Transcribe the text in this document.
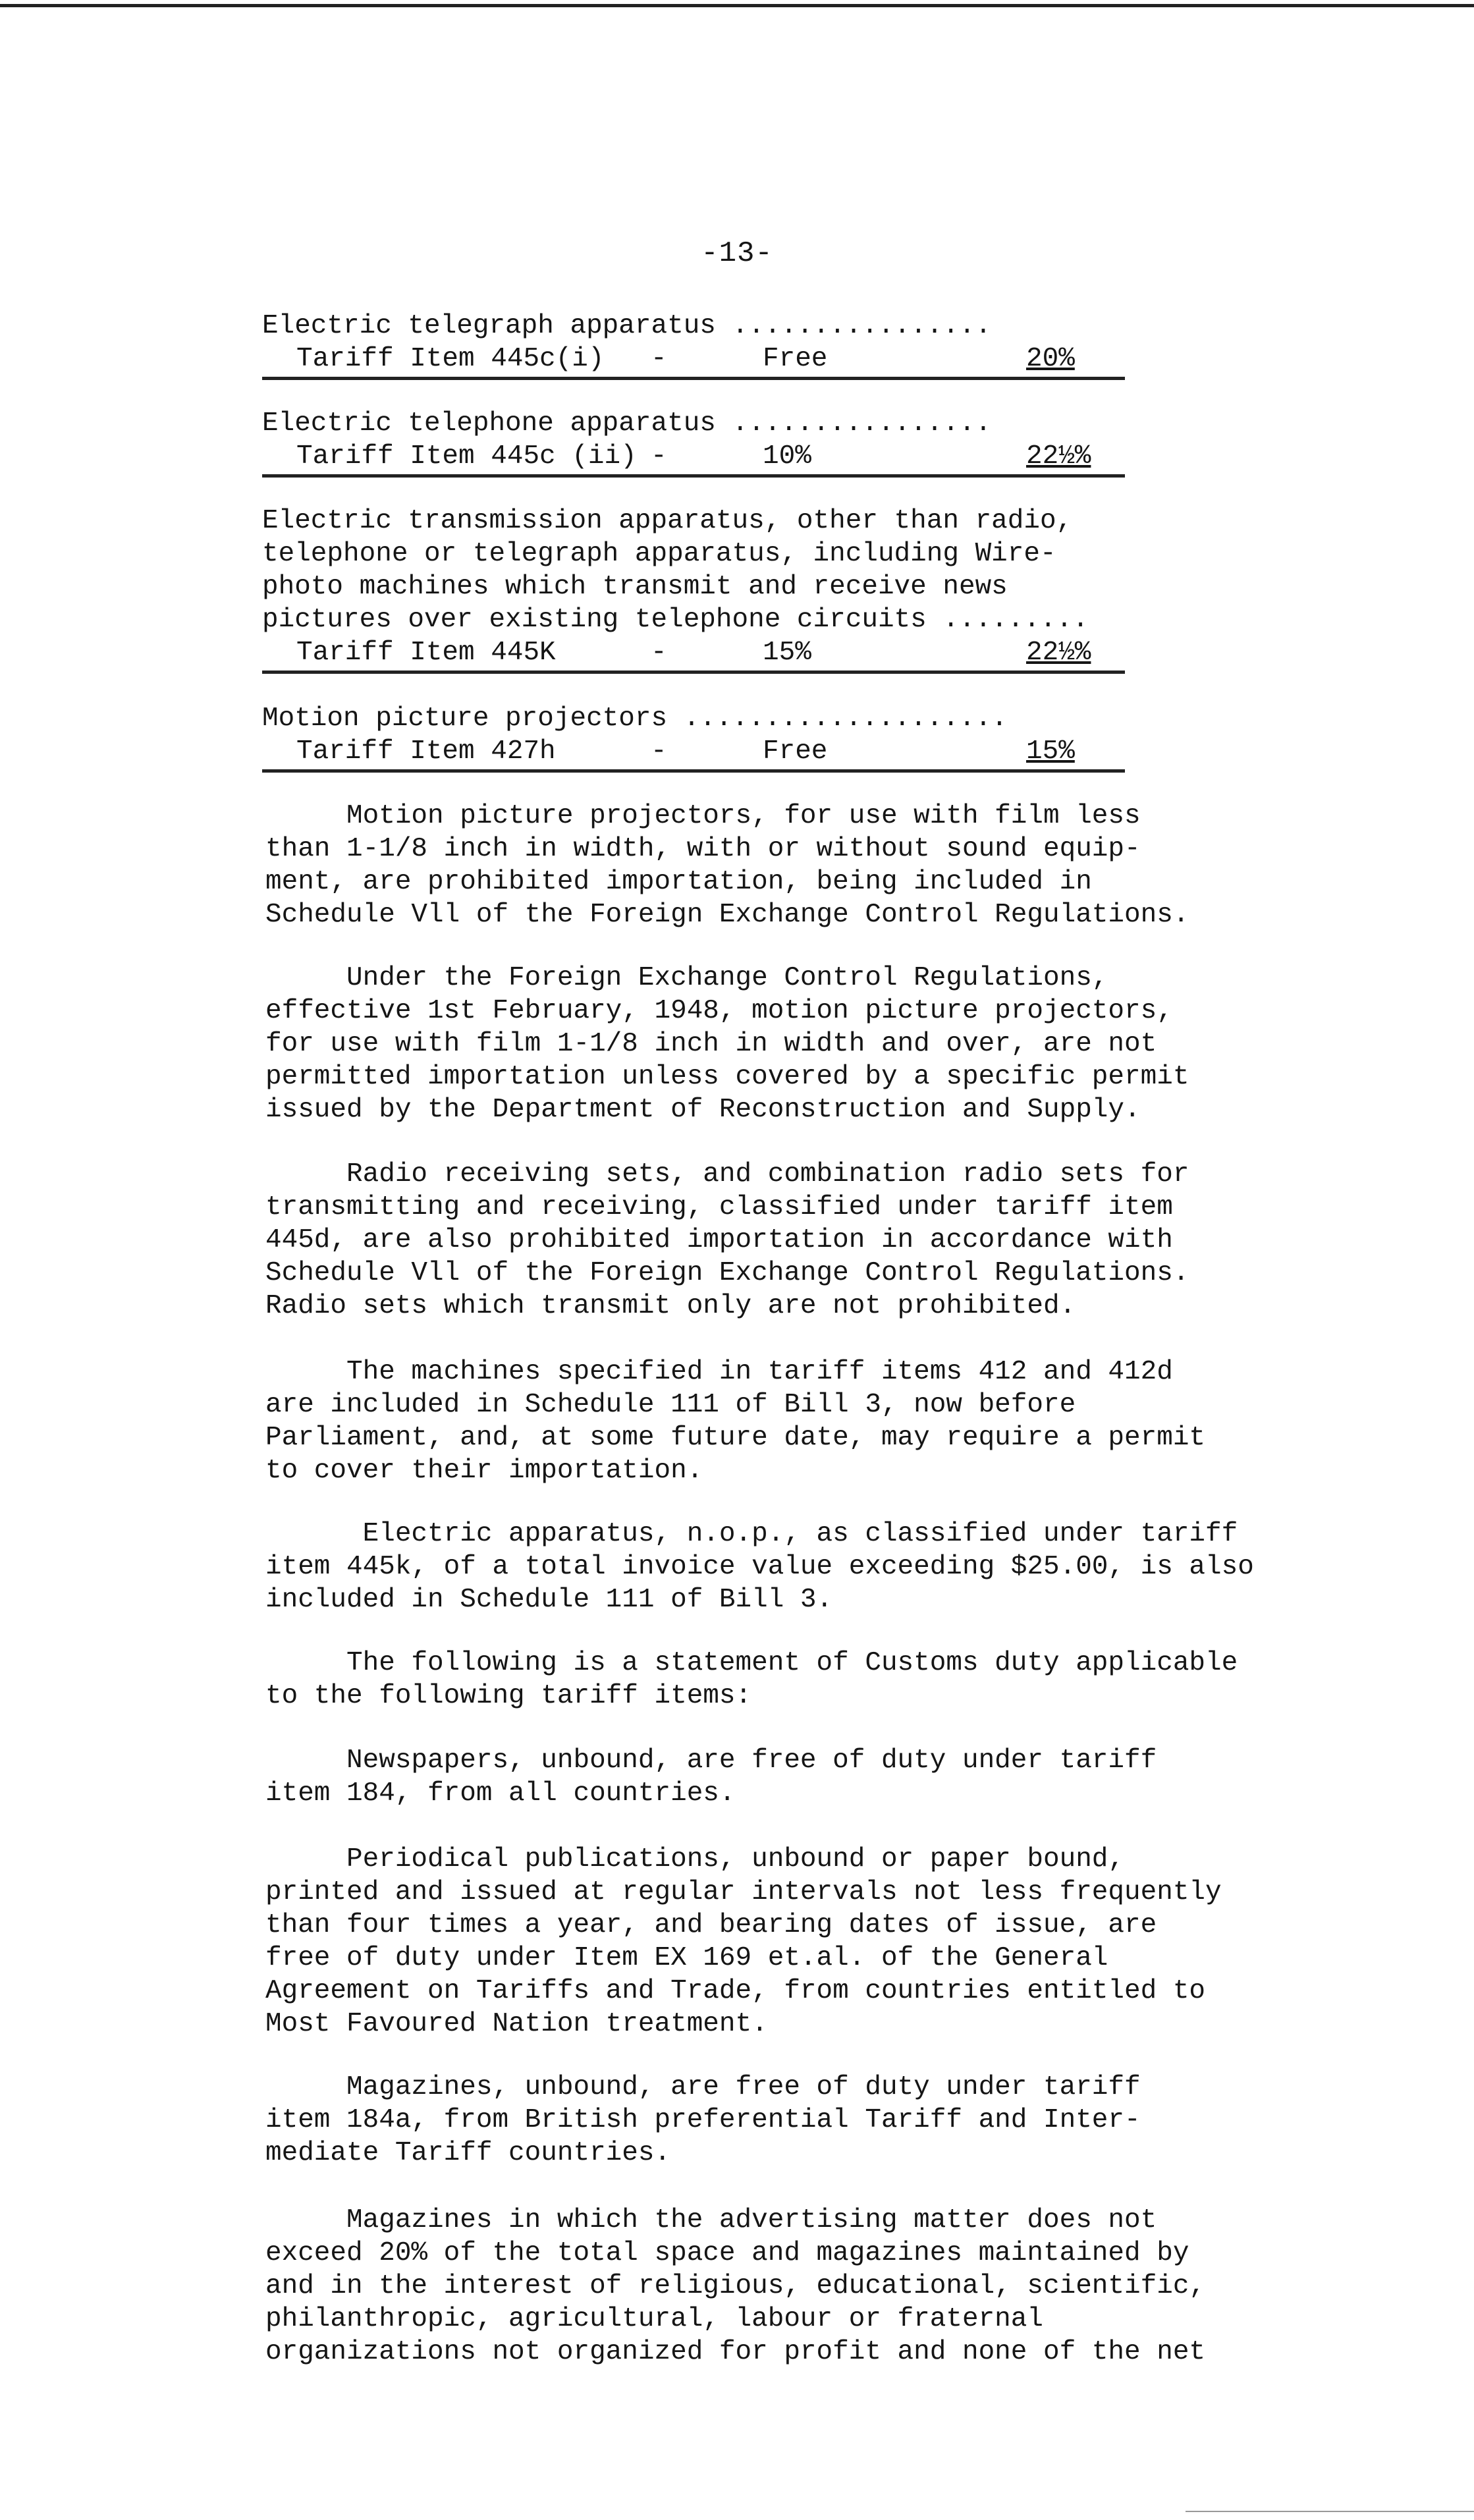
-13-
Electric telegraph apparatus ................
Tariff Item 445c(i) -	Free	20%
Electric telephone apparatus ................
Tariff Item 445c (ii) -	10%	22½%
Electric transmission apparatus, other than radio,
telephone or telegraph apparatus, including Wire-
photo machines which transmit and receive news
pictures over existing telephone circuits .........
Tariff Item 445K	-	15%	22½%
Motion picture projectors ....................
Tariff Item 427h	-	Free	15%
Motion picture projectors, for use with film less
than 1-1/8 inch in width, with or without sound equip-
ment, are prohibited importation, being included in
Schedule Vll of the Foreign Exchange Control Regulations.
Under the Foreign Exchange Control Regulations,
effective 1st February, 1948, motion picture projectors,
for use with film 1-1/8 inch in width and over, are not
permitted importation unless covered by a specific permit
issued by the Department of Reconstruction and Supply.
Radio receiving sets, and combination radio sets for
transmitting and receiving, classified under tariff item
445d, are also prohibited importation in accordance with
Schedule Vll of the Foreign Exchange Control Regulations.
Radio sets which transmit only are not prohibited.
The machines specified in tariff items 412 and 412d
are included in Schedule 111 of Bill 3, now before
Parliament, and, at some future date, may require a permit
to cover their importation.
Electric apparatus, n.o.p., as classified under tariff
item 445k, of a total invoice value exceeding $25.00, is also
included in Schedule 111 of Bill 3.
The following is a statement of Customs duty applicable
to the following tariff items:
Newspapers, unbound, are free of duty under tariff
item 184, from all countries.
Periodical publications, unbound or paper bound,
printed and issued at regular intervals not less frequently
than four times a year, and bearing dates of issue, are
free of duty under Item EX 169 et.al. of the General
Agreement on Tariffs and Trade, from countries entitled to
Most Favoured Nation treatment.
Magazines, unbound, are free of duty under tariff
item 184a, from British preferential Tariff and Inter-
mediate Tariff countries.
Magazines in which the advertising matter does not
exceed 20% of the total space and magazines maintained by
and in the interest of religious, educational, scientific,
philanthropic, agricultural, labour or fraternal
organizations not organized for profit and none of the net
